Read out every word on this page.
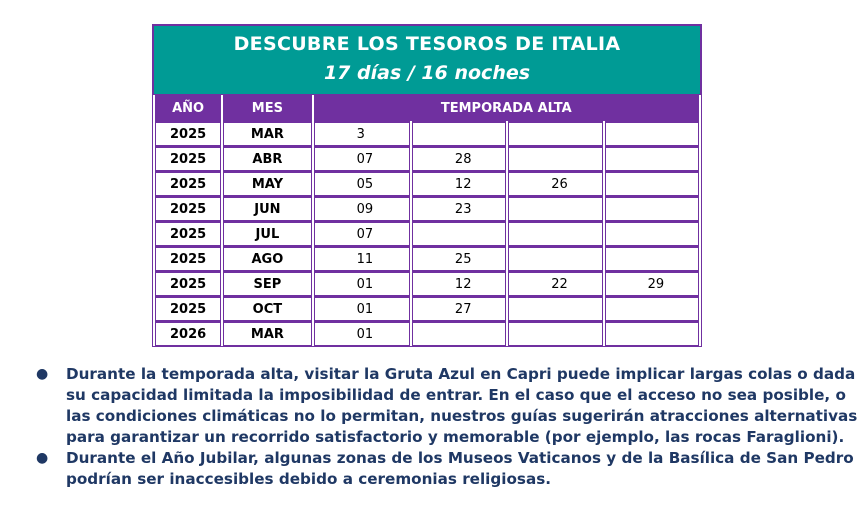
DESCUBRE LOS TESOROS DE ITALIA
17 días / 16 noches
AÑO	MES	TEMPORADA ALTA			
2025	MAR	3			
2025	ABR	07	28		
2025	MAY	05	12	26	
2025	JUN	09	23		
2025	JUL	07			
2025	AGO	11	25		
2025	SEP	01	12	22	29
2025	OCT	01	27		
2026	MAR	01			
● Durante la temporada alta, visitar la Gruta Azul en Capri puede implicar largas colas o dada su capacidad limitada la imposibilidad de entrar. En el caso que el acceso no sea posible, o las condiciones climáticas no lo permitan, nuestros guías sugerirán atracciones alternativas para garantizar un recorrido satisfactorio y memorable (por ejemplo, las rocas Faraglioni).
● Durante el Año Jubilar, algunas zonas de los Museos Vaticanos y de la Basílica de San Pedro podrían ser inaccesibles debido a ceremonias religiosas.
